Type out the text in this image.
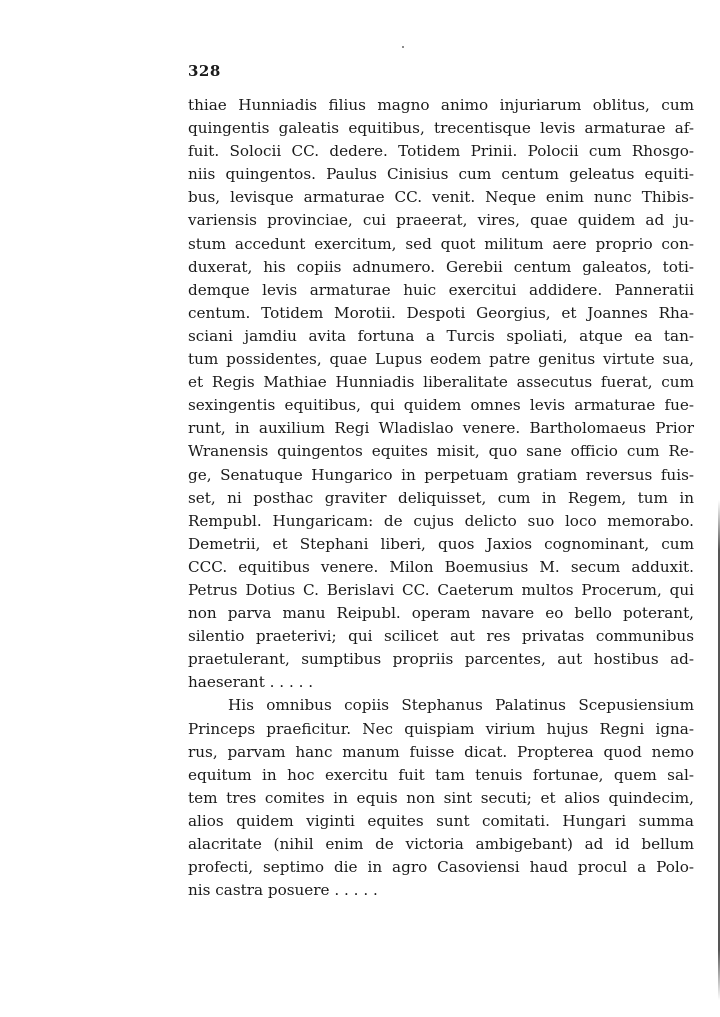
328
thiae Hunniadis filius magno animo injuriarum oblitus, cum
quingentis galeatis equitibus, trecentisque levis armaturae af-
fuit. Solocii CC. dedere. Totidem Prinii. Polocii cum Rhosgo-
niis quingentos. Paulus Cinisius cum centum geleatus equiti-
bus, levisque armaturae CC. venit. Neque enim nunc Thibis-
variensis provinciae, cui praeerat, vires, quae quidem ad ju-
stum accedunt exercitum, sed quot militum aere proprio con-
duxerat, his copiis adnumero. Gerebii centum galeatos, toti-
demque levis armaturae huic exercitui addidere. Panneratii
centum. Totidem Morotii. Despoti Georgius, et Joannes Rha-
sciani jamdiu avita fortuna a Turcis spoliati, atque ea tan-
tum possidentes, quae Lupus eodem patre genitus virtute sua,
et Regis Mathiae Hunniadis liberalitate assecutus fuerat, cum
sexingentis equitibus, qui quidem omnes levis armaturae fue-
runt, in auxilium Regi Wladislao venere. Bartholomaeus Prior
Wranensis quingentos equites misit, quo sane officio cum Re-
ge, Senatuque Hungarico in perpetuam gratiam reversus fuis-
set, ni posthac graviter deliquisset, cum in Regem, tum in
Rempubl. Hungaricam: de cujus delicto suo loco memorabo.
Demetrii, et Stephani liberi, quos Jaxios cognominant, cum
CCC. equitibus venere. Milon Boemusius M. secum adduxit.
Petrus Dotius C. Berislavi CC. Caeterum multos Procerum, qui
non parva manu Reipubl. operam navare eo bello poterant,
silentio praeterivi; qui scilicet aut res privatas communibus
praetulerant, sumptibus propriis parcentes, aut hostibus ad-
haeserant . . . . .
His omnibus copiis Stephanus Palatinus Scepusiensium
Princeps praeficitur. Nec quispiam virium hujus Regni igna-
rus, parvam hanc manum fuisse dicat. Propterea quod nemo
equitum in hoc exercitu fuit tam tenuis fortunae, quem sal-
tem tres comites in equis non sint secuti; et alios quindecim,
alios quidem viginti equites sunt comitati. Hungari summa
alacritate (nihil enim de victoria ambigebant) ad id bellum
profecti, septimo die in agro Casoviensi haud procul a Polo-
nis castra posuere . . . . .
